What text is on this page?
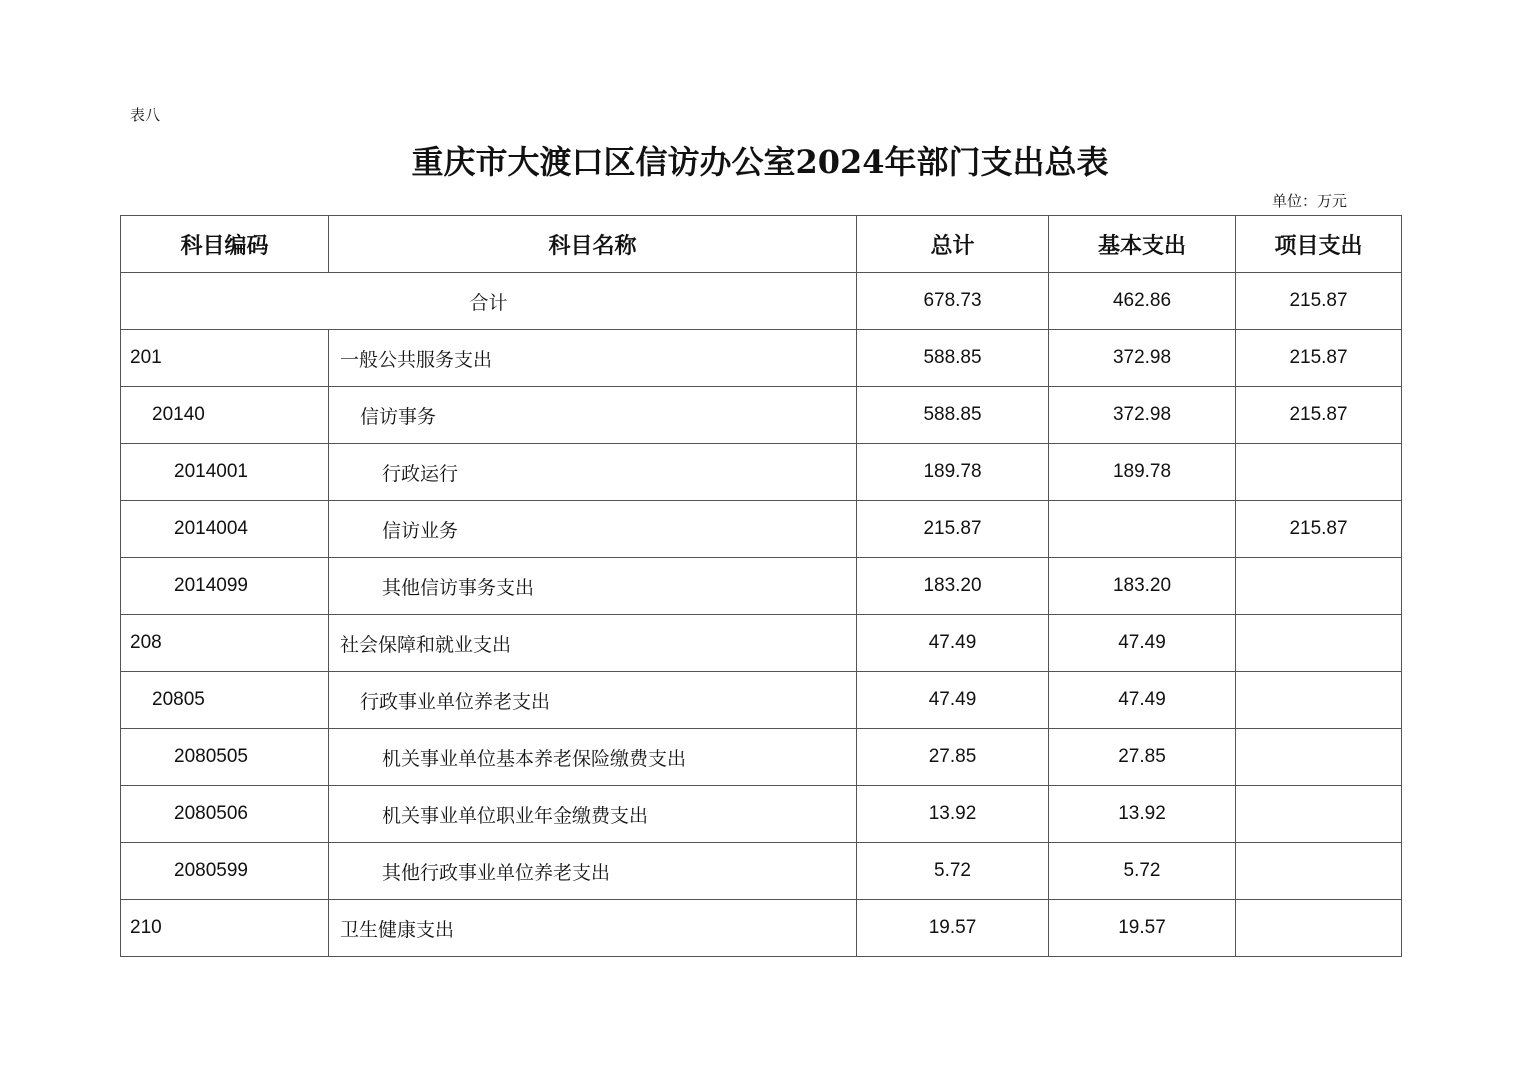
表八
重庆市大渡口区信访办公室2024年部门支出总表
单位：万元
科目编码	科目名称	总计	基本支出	项目支出
合计		678.73	462.86	215.87
201	一般公共服务支出	588.85	372.98	215.87
20140	信访事务	588.85	372.98	215.87
2014001	行政运行	189.78	189.78	
2014004	信访业务	215.87		215.87
2014099	其他信访事务支出	183.20	183.20	
208	社会保障和就业支出	47.49	47.49	
20805	行政事业单位养老支出	47.49	47.49	
2080505	机关事业单位基本养老保险缴费支出	27.85	27.85	
2080506	机关事业单位职业年金缴费支出	13.92	13.92	
2080599	其他行政事业单位养老支出	5.72	5.72	
210	卫生健康支出	19.57	19.57	
